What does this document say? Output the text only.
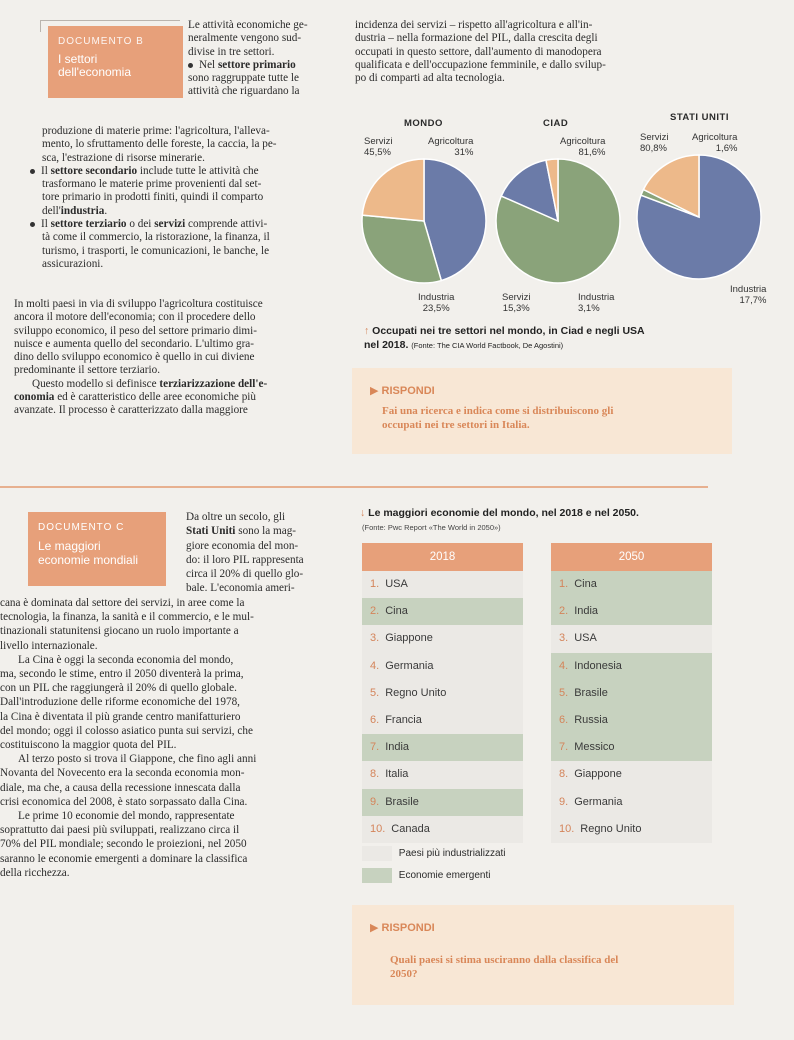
DOCUMENTO B
I settori
dell'economia
Le attività economiche ge-
neralmente vengono sud-
divise in tre settori.
Nel settore primario
sono raggruppate tutte le
attività che riguardano la
produzione di materie prime: l'agricoltura, l'alleva-
mento, lo sfruttamento delle foreste, la caccia, la pe-
sca, l'estrazione di risorse minerarie.
Il settore secondario include tutte le attività che
trasformano le materie prime provenienti dal set-
tore primario in prodotti finiti, quindi il comparto
dell'industria.
Il settore terziario o dei servizi comprende attivi-
tà come il commercio, la ristorazione, la finanza, il
turismo, i trasporti, le comunicazioni, le banche, le
assicurazioni.
In molti paesi in via di sviluppo l'agricoltura costituisce
ancora il motore dell'economia; con il procedere dello
sviluppo economico, il peso del settore primario dimi-
nuisce e aumenta quello del secondario. L'ultimo gra-
dino dello sviluppo economico è quello in cui diviene
predominante il settore terziario.
Questo modello si definisce terziarizzazione dell'e-
conomia ed è caratteristico delle aree economiche più
avanzate. Il processo è caratterizzato dalla maggiore
incidenza dei servizi – rispetto all'agricoltura e all'in-
dustria – nella formazione del PIL, dalla crescita degli
occupati in questo settore, dall'aumento di manodopera
qualificata e dell'occupazione femminile, e dallo svilup-
po di comparti ad alta tecnologia.
MONDO
Servizi
45,5%
Agricoltura
31%
Industria
23,5%
CIAD
Agricoltura
81,6%
Servizi
15,3%
Industria
3,1%
STATI UNITI
Servizi
80,8%
Agricoltura
1,6%
Industria
17,7%
↑ Occupati nei tre settori nel mondo, in Ciad e negli USA
nel 2018. (Fonte: The CIA World Factbook, De Agostini)
▶ RISPONDI
Fai una ricerca e indica come si distribuiscono gli
occupati nei tre settori in Italia.
DOCUMENTO C
Le maggiori
economie mondiali
Da oltre un secolo, gli
Stati Uniti sono la mag-
giore economia del mon-
do: il loro PIL rappresenta
circa il 20% di quello glo-
bale. L'economia ameri-
cana è dominata dal settore dei servizi, in aree come la
tecnologia, la finanza, la sanità e il commercio, e le mul-
tinazionali statunitensi giocano un ruolo importante a
livello internazionale.
La Cina è oggi la seconda economia del mondo,
ma, secondo le stime, entro il 2050 diventerà la prima,
con un PIL che raggiungerà il 20% di quello globale.
Dall'introduzione delle riforme economiche del 1978,
la Cina è diventata il più grande centro manifatturiero
del mondo; oggi il colosso asiatico punta sui servizi, che
costituiscono la maggior quota del PIL.
Al terzo posto si trova il Giappone, che fino agli anni
Novanta del Novecento era la seconda economia mon-
diale, ma che, a causa della recessione innescata dalla
crisi economica del 2008, è stato sorpassato dalla Cina.
Le prime 10 economie del mondo, rappresentate
soprattutto dai paesi più sviluppati, realizzano circa il
70% del PIL mondiale; secondo le proiezioni, nel 2050
saranno le economie emergenti a dominare la classifica
della ricchezza.
↓ Le maggiori economie del mondo, nel 2018 e nel 2050.
(Fonte: Pwc Report «The World in 2050»)
2018	2050
1. USA	1. Cina
2. Cina	2. India
3. Giappone	3. USA
4. Germania	4. Indonesia
5. Regno Unito	5. Brasile
6. Francia	6. Russia
7. India	7. Messico
8. Italia	8. Giappone
9. Brasile	9. Germania
10. Canada	10. Regno Unito
Paesi più industrializzati
Economie emergenti
▶ RISPONDI
Quali paesi si stima usciranno dalla classifica del
2050?
